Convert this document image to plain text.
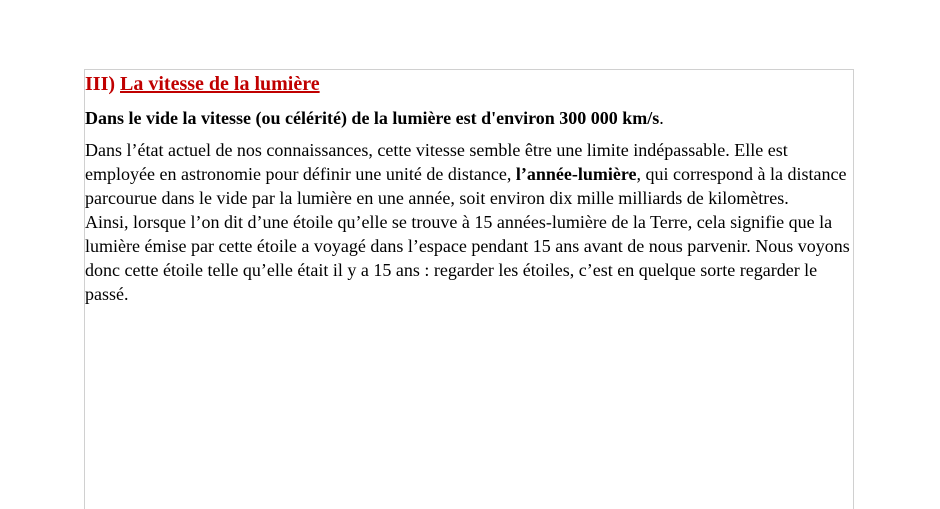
III) La vitesse de la lumière

Dans le vide la vitesse (ou célérité) de la lumière est d'environ 300 000 km/s.

Dans l’état actuel de nos connaissances, cette vitesse semble être une limite indépassable. Elle est employée en astronomie pour définir une unité de distance, l’année-lumière, qui correspond à la distance parcourue dans le vide par la lumière en une année, soit environ dix mille milliards de kilomètres.
Ainsi, lorsque l’on dit d’une étoile qu’elle se trouve à 15 années-lumière de la Terre, cela signifie que la lumière émise par cette étoile a voyagé dans l’espace pendant 15 ans avant de nous parvenir. Nous voyons donc cette étoile telle qu’elle était il y a 15 ans : regarder les étoiles, c’est en quelque sorte regarder le passé.
